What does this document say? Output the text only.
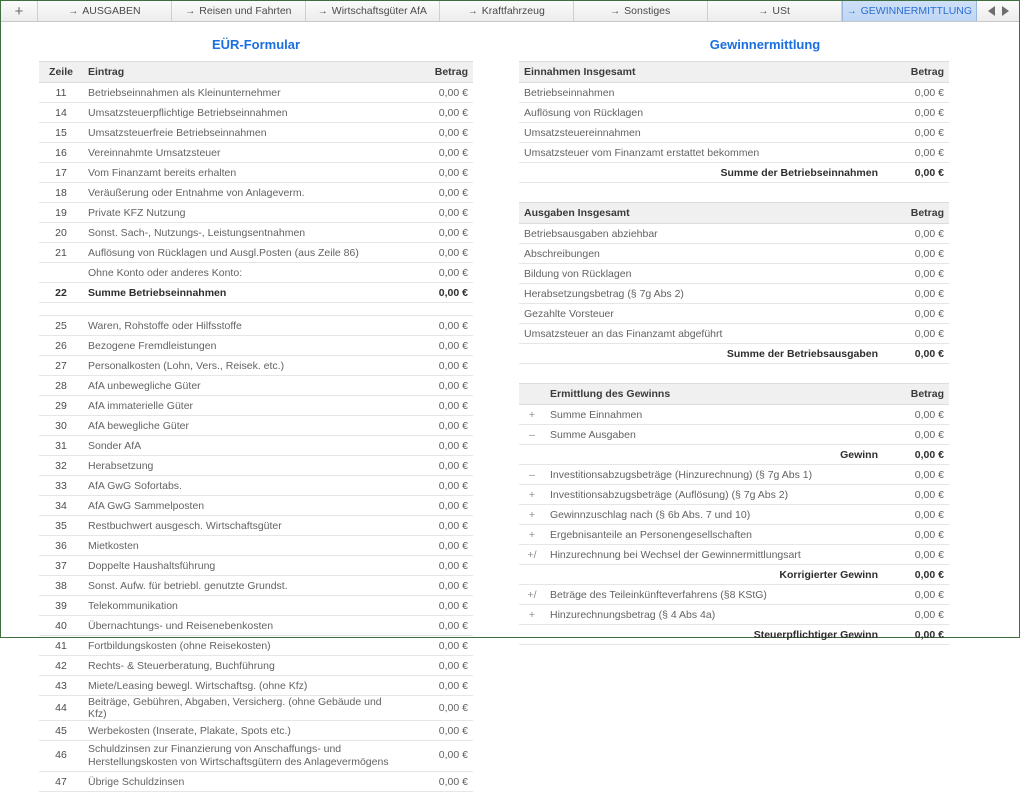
+	→ AUSGABEN	→ Reisen und Fahrten	→ Wirtschaftsgüter AfA	→ Kraftfahrzeug	→ Sonstiges	→ USt	→ GEWINNERMITTLUNG
EÜR-Formular
Zeile	Eintrag	Betrag
11	Betriebseinnahmen als Kleinunternehmer	0,00 €
14	Umsatzsteuerpflichtige Betriebseinnahmen	0,00 €
15	Umsatzsteuerfreie Betriebseinnahmen	0,00 €
16	Vereinnahmte Umsatzsteuer	0,00 €
17	Vom Finanzamt bereits erhalten	0,00 €
18	Veräußerung oder Entnahme von Anlageverm.	0,00 €
19	Private KFZ Nutzung	0,00 €
20	Sonst. Sach-, Nutzungs-, Leistungsentnahmen	0,00 €
21	Auflösung von Rücklagen und Ausgl.Posten (aus Zeile 86)	0,00 €
	Ohne Konto oder anderes Konto:	0,00 €
22	Summe Betriebseinnahmen	0,00 €

25	Waren, Rohstoffe oder Hilfsstoffe	0,00 €
26	Bezogene Fremdleistungen	0,00 €
27	Personalkosten (Lohn, Vers., Reisek. etc.)	0,00 €
28	AfA unbewegliche Güter	0,00 €
29	AfA immaterielle Güter	0,00 €
30	AfA bewegliche Güter	0,00 €
31	Sonder AfA	0,00 €
32	Herabsetzung	0,00 €
33	AfA GwG Sofortabs.	0,00 €
34	AfA GwG Sammelposten	0,00 €
35	Restbuchwert ausgesch. Wirtschaftsgüter	0,00 €
36	Mietkosten	0,00 €
37	Doppelte Haushaltsführung	0,00 €
38	Sonst. Aufw. für betriebl. genutzte Grundst.	0,00 €
39	Telekommunikation	0,00 €
40	Übernachtungs- und Reisenebenkosten	0,00 €
41	Fortbildungskosten (ohne Reisekosten)	0,00 €
42	Rechts- & Steuerberatung, Buchführung	0,00 €
43	Miete/Leasing bewegl. Wirtschaftsg. (ohne Kfz)	0,00 €
44	Beiträge, Gebühren, Abgaben, Versicherg. (ohne Gebäude und Kfz)	0,00 €
45	Werbekosten (Inserate, Plakate, Spots etc.)	0,00 €
46	Schuldzinsen zur Finanzierung von Anschaffungs- und Herstellungskosten von Wirtschaftsgütern des Anlagevermögens	0,00 €
47	Übrige Schuldzinsen	0,00 €
Gewinnermittlung
Einnahmen Insgesamt	Betrag
Betriebseinnahmen	0,00 €
Auflösung von Rücklagen	0,00 €
Umsatzsteuereinnahmen	0,00 €
Umsatzsteuer vom Finanzamt erstattet bekommen	0,00 €
Summe der Betriebseinnahmen	0,00 €
Ausgaben Insgesamt	Betrag
Betriebsausgaben abziehbar	0,00 €
Abschreibungen	0,00 €
Bildung von Rücklagen	0,00 €
Herabsetzungsbetrag (§ 7g Abs 2)	0,00 €
Gezahlte Vorsteuer	0,00 €
Umsatzsteuer an das Finanzamt abgeführt	0,00 €
Summe der Betriebsausgaben	0,00 €
	Ermittlung des Gewinns	Betrag
+	Summe Einnahmen	0,00 €
–	Summe Ausgaben	0,00 €
	Gewinn	0,00 €
–	Investitionsabzugsbeträge (Hinzurechnung) (§ 7g Abs 1)	0,00 €
+	Investitionsabzugsbeträge (Auflösung) (§ 7g Abs 2)	0,00 €
+	Gewinnzuschlag nach (§ 6b Abs. 7 und 10)	0,00 €
+	Ergebnisanteile an Personengesellschaften	0,00 €
+/	Hinzurechnung bei Wechsel der Gewinnermittlungsart	0,00 €
	Korrigierter Gewinn	0,00 €
+/	Beträge des Teileinkünfteverfahrens (§8 KStG)	0,00 €
+	Hinzurechnungsbetrag (§ 4 Abs 4a)	0,00 €
	Steuerpflichtiger Gewinn	0,00 €
